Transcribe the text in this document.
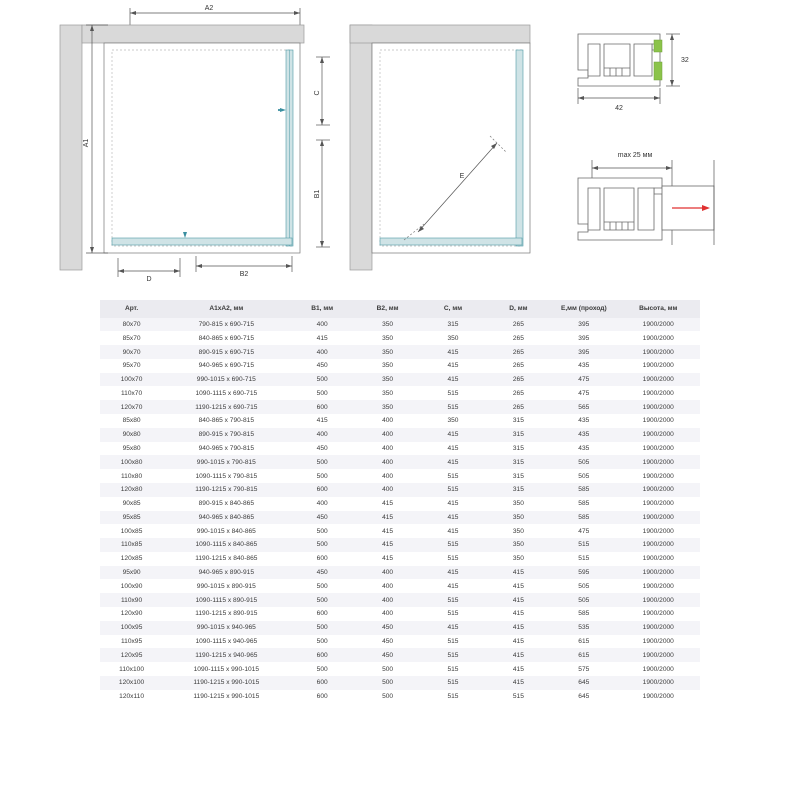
A2
A1
C
B1
D
B2
E
32
42
max 25 мм
Арт.	А1хА2, мм	В1, мм	В2, мм	С, мм	D, мм	Е,мм (проход)	Высота, мм
80x70	790-815 х 690-715	400	350	315	265	395	1900/2000
85x70	840-865 х 690-715	415	350	350	265	395	1900/2000
90x70	890-915 х 690-715	400	350	415	265	395	1900/2000
95x70	940-965 х 690-715	450	350	415	265	435	1900/2000
100x70	990-1015 х 690-715	500	350	415	265	475	1900/2000
110x70	1090-1115 х 690-715	500	350	515	265	475	1900/2000
120x70	1190-1215 х 690-715	600	350	515	265	565	1900/2000
85x80	840-865 х 790-815	415	400	350	315	435	1900/2000
90x80	890-915 х 790-815	400	400	415	315	435	1900/2000
95x80	940-965 х 790-815	450	400	415	315	435	1900/2000
100x80	990-1015 х 790-815	500	400	415	315	505	1900/2000
110x80	1090-1115 х 790-815	500	400	515	315	505	1900/2000
120x80	1190-1215 х 790-815	600	400	515	315	585	1900/2000
90x85	890-915 х 840-865	400	415	415	350	585	1900/2000
95x85	940-965 х 840-865	450	415	415	350	585	1900/2000
100x85	990-1015 х 840-865	500	415	415	350	475	1900/2000
110x85	1090-1115 х 840-865	500	415	515	350	515	1900/2000
120x85	1190-1215 х 840-865	600	415	515	350	515	1900/2000
95x90	940-965 х 890-915	450	400	415	415	595	1900/2000
100x90	990-1015 х 890-915	500	400	415	415	505	1900/2000
110x90	1090-1115 х 890-915	500	400	515	415	505	1900/2000
120x90	1190-1215 х 890-915	600	400	515	415	585	1900/2000
100x95	990-1015 х 940-965	500	450	415	415	535	1900/2000
110x95	1090-1115 х 940-965	500	450	515	415	615	1900/2000
120x95	1190-1215 х 940-965	600	450	515	415	615	1900/2000
110x100	1090-1115 х 990-1015	500	500	515	415	575	1900/2000
120x100	1190-1215 х 990-1015	600	500	515	415	645	1900/2000
120x110	1190-1215 х 990-1015	600	500	515	515	645	1900/2000
